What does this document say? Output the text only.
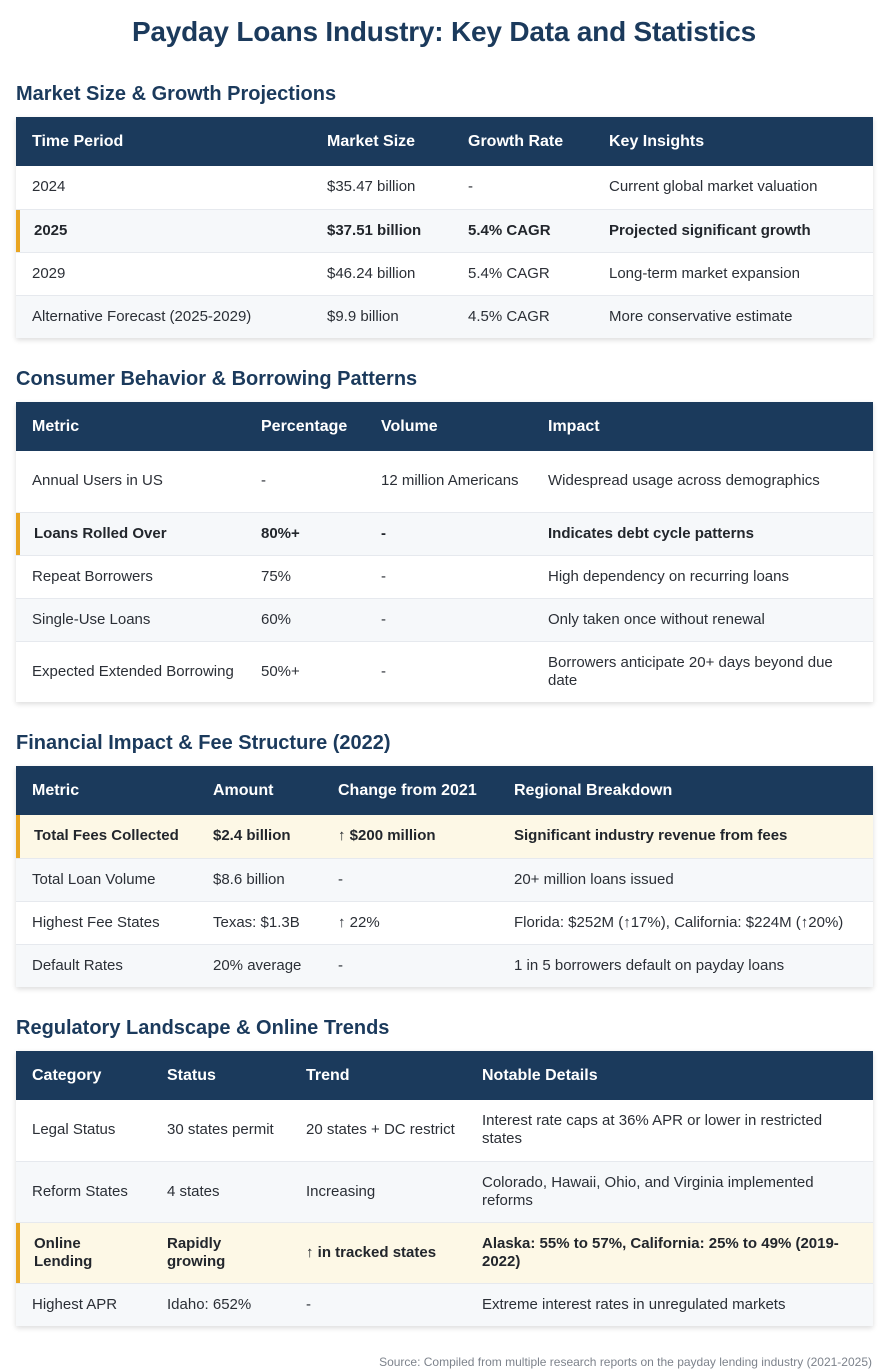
Payday Loans Industry: Key Data and Statistics
Market Size & Growth Projections
Time Period	Market Size	Growth Rate	Key Insights
2024	$35.47 billion	-	Current global market valuation
2025	$37.51 billion	5.4% CAGR	Projected significant growth
2029	$46.24 billion	5.4% CAGR	Long-term market expansion
Alternative Forecast (2025-2029)	$9.9 billion	4.5% CAGR	More conservative estimate
Consumer Behavior & Borrowing Patterns
Metric	Percentage	Volume	Impact
Annual Users in US	-	12 million Americans	Widespread usage across demographics
Loans Rolled Over	80%+	-	Indicates debt cycle patterns
Repeat Borrowers	75%	-	High dependency on recurring loans
Single-Use Loans	60%	-	Only taken once without renewal
Expected Extended Borrowing	50%+	-	Borrowers anticipate 20+ days beyond due date
Financial Impact & Fee Structure (2022)
Metric	Amount	Change from 2021	Regional Breakdown
Total Fees Collected	$2.4 billion	↑ $200 million	Significant industry revenue from fees
Total Loan Volume	$8.6 billion	-	20+ million loans issued
Highest Fee States	Texas: $1.3B	↑ 22%	Florida: $252M (↑17%), California: $224M (↑20%)
Default Rates	20% average	-	1 in 5 borrowers default on payday loans
Regulatory Landscape & Online Trends
Category	Status	Trend	Notable Details
Legal Status	30 states permit	20 states + DC restrict	Interest rate caps at 36% APR or lower in restricted states
Reform States	4 states	Increasing	Colorado, Hawaii, Ohio, and Virginia implemented reforms
Online Lending	Rapidly growing	↑ in tracked states	Alaska: 55% to 57%, California: 25% to 49% (2019-2022)
Highest APR	Idaho: 652%	-	Extreme interest rates in unregulated markets
Source: Compiled from multiple research reports on the payday lending industry (2021-2025)
